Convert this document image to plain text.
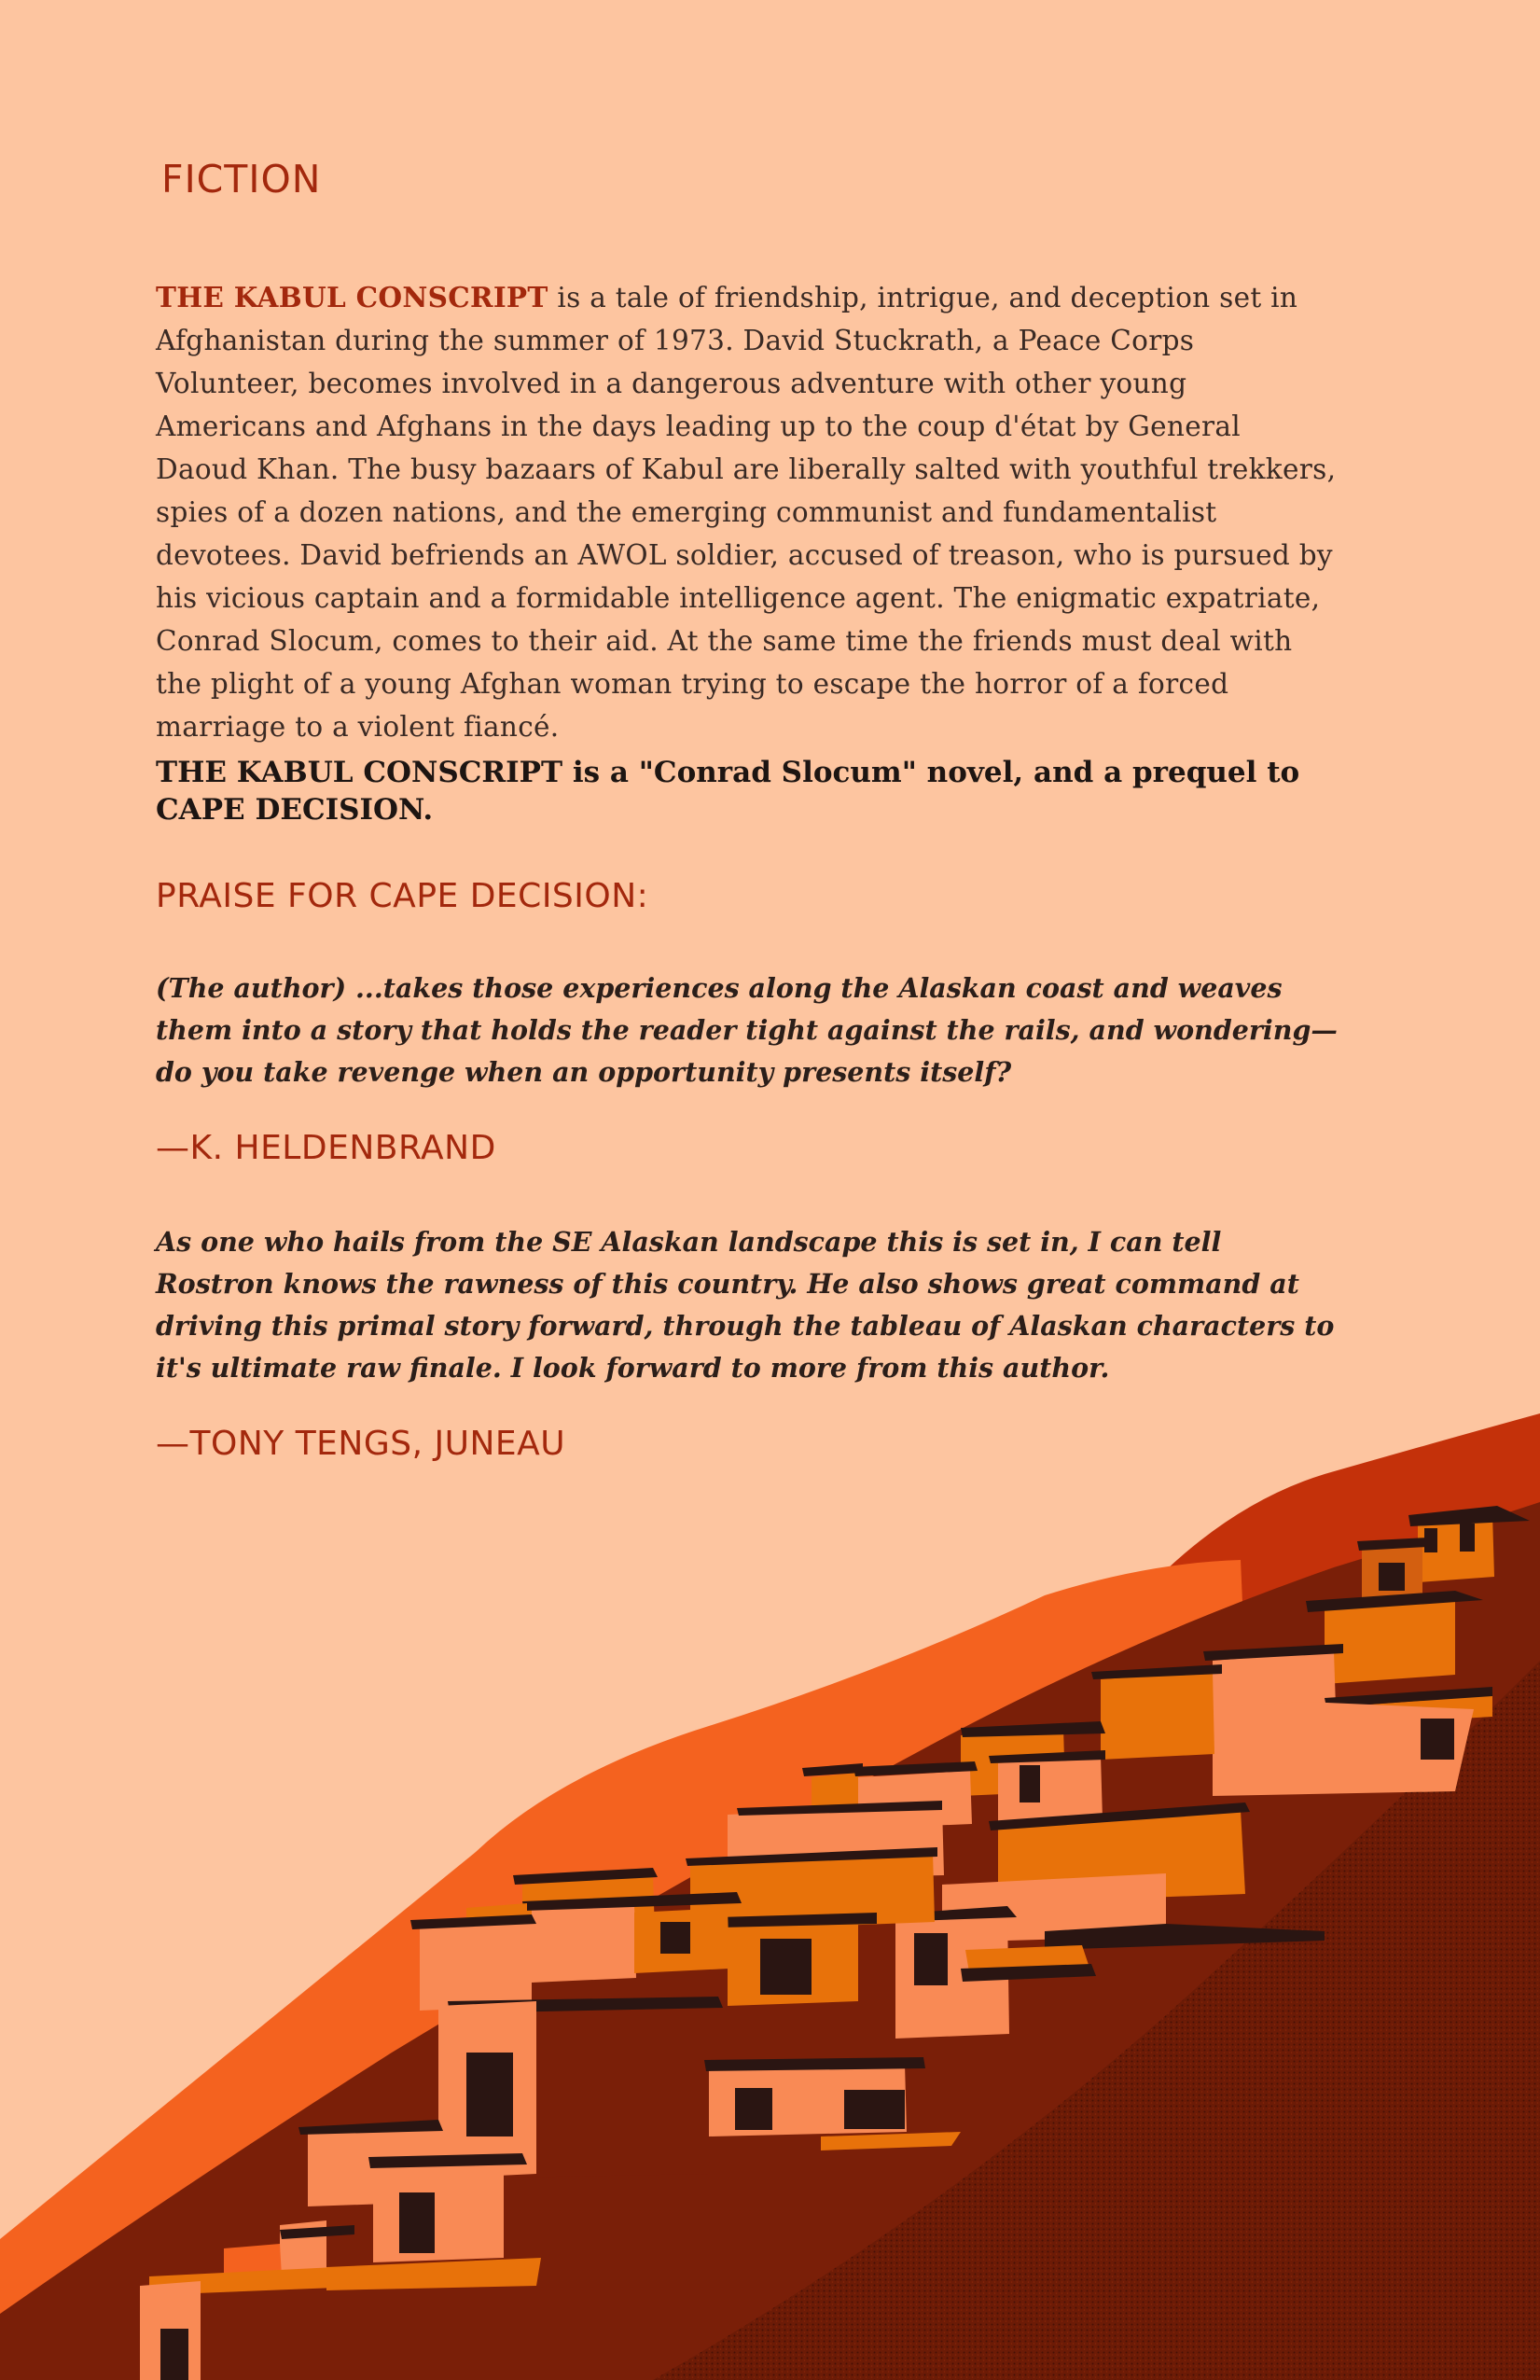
FICTION

THE KABUL CONSCRIPT is a tale of friendship, intrigue, and deception set in Afghanistan during the summer of 1973. David Stuckrath, a Peace Corps Volunteer, becomes involved in a dangerous adventure with other young Americans and Afghans in the days leading up to the coup d'état by General Daoud Khan. The busy bazaars of Kabul are liberally salted with youthful trekkers, spies of a dozen nations, and the emerging communist and fundamentalist devotees. David befriends an AWOL soldier, accused of treason, who is pursued by his vicious captain and a formidable intelligence agent. The enigmatic expatriate, Conrad Slocum, comes to their aid. At the same time the friends must deal with the plight of a young Afghan woman trying to escape the horror of a forced marriage to a violent fiancé.

THE KABUL CONSCRIPT is a "Conrad Slocum" novel, and a prequel to CAPE DECISION.

PRAISE FOR CAPE DECISION:

(The author) ...takes those experiences along the Alaskan coast and weaves them into a story that holds the reader tight against the rails, and wondering—do you take revenge when an opportunity presents itself?

—K. HELDENBRAND

As one who hails from the SE Alaskan landscape this is set in, I can tell Rostron knows the rawness of this country. He also shows great command at driving this primal story forward, through the tableau of Alaskan characters to it's ultimate raw finale. I look forward to more from this author.

—TONY TENGS, JUNEAU
